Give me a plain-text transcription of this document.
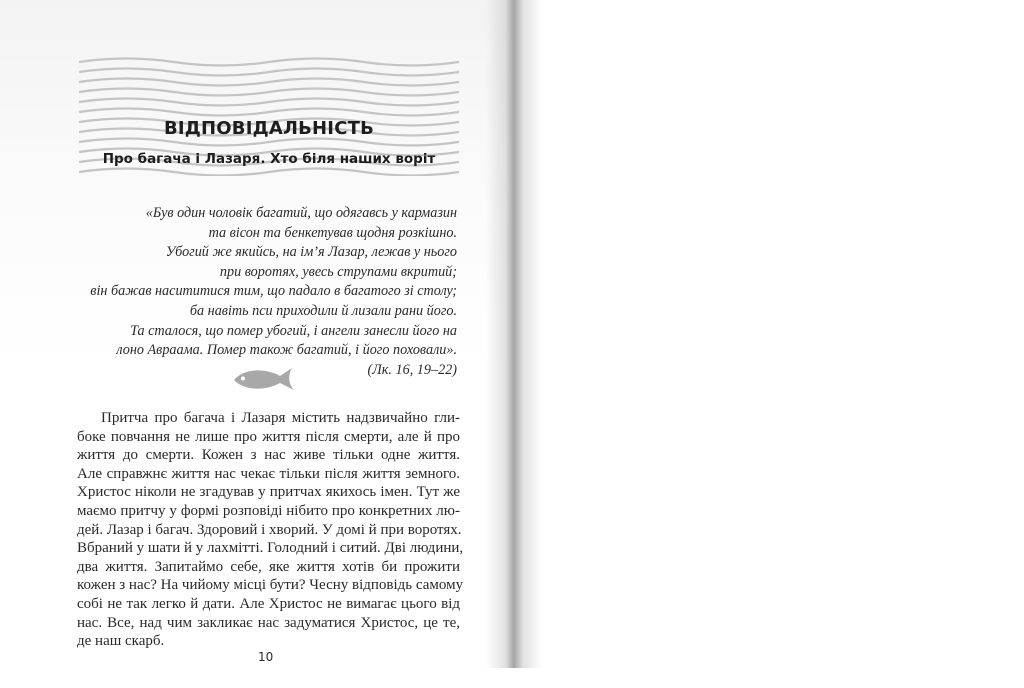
ВІДПОВІДАЛЬНІСТЬ
Про багача і Лазаря. Хто біля наших воріт
«Був один чоловік багатий, що одягавсь у кармазин
та вісон та бенкетував щодня розкішно.
Убогий же якийсь, на ім’я Лазар, лежав у нього
при воротях, увесь струпами вкритий;
він бажав насититися тим, що падало в багатого зі столу;
ба навіть пси приходили й лизали рани його.
Та сталося, що помер убогий, і ангели занесли його на
лоно Авраама. Помер також багатий, і його поховали».
(Лк. 16, 19–22)
Притча про багача і Лазаря містить надзвичайно гли-
боке повчання не лише про життя після смерти, але й про
життя до смерти. Кожен з нас живе тільки одне життя.
Але справжнє життя нас чекає тільки після життя земного.
Христос ніколи не згадував у притчах якихось імен. Тут же
маємо притчу у формі розповіді нібито про конкретних лю-
дей. Лазар і багач. Здоровий і хворий. У домі й при воротях.
Вбраний у шати й у лахмітті. Голодний і ситий. Дві людини,
два життя. Запитаймо себе, яке життя хотів би прожити
кожен з нас? На чийому місці бути? Чесну відповідь самому
собі не так легко й дати. Але Христос не вимагає цього від
нас. Все, над чим закликає нас задуматися Христос, це те,
де наш скарб.
10
